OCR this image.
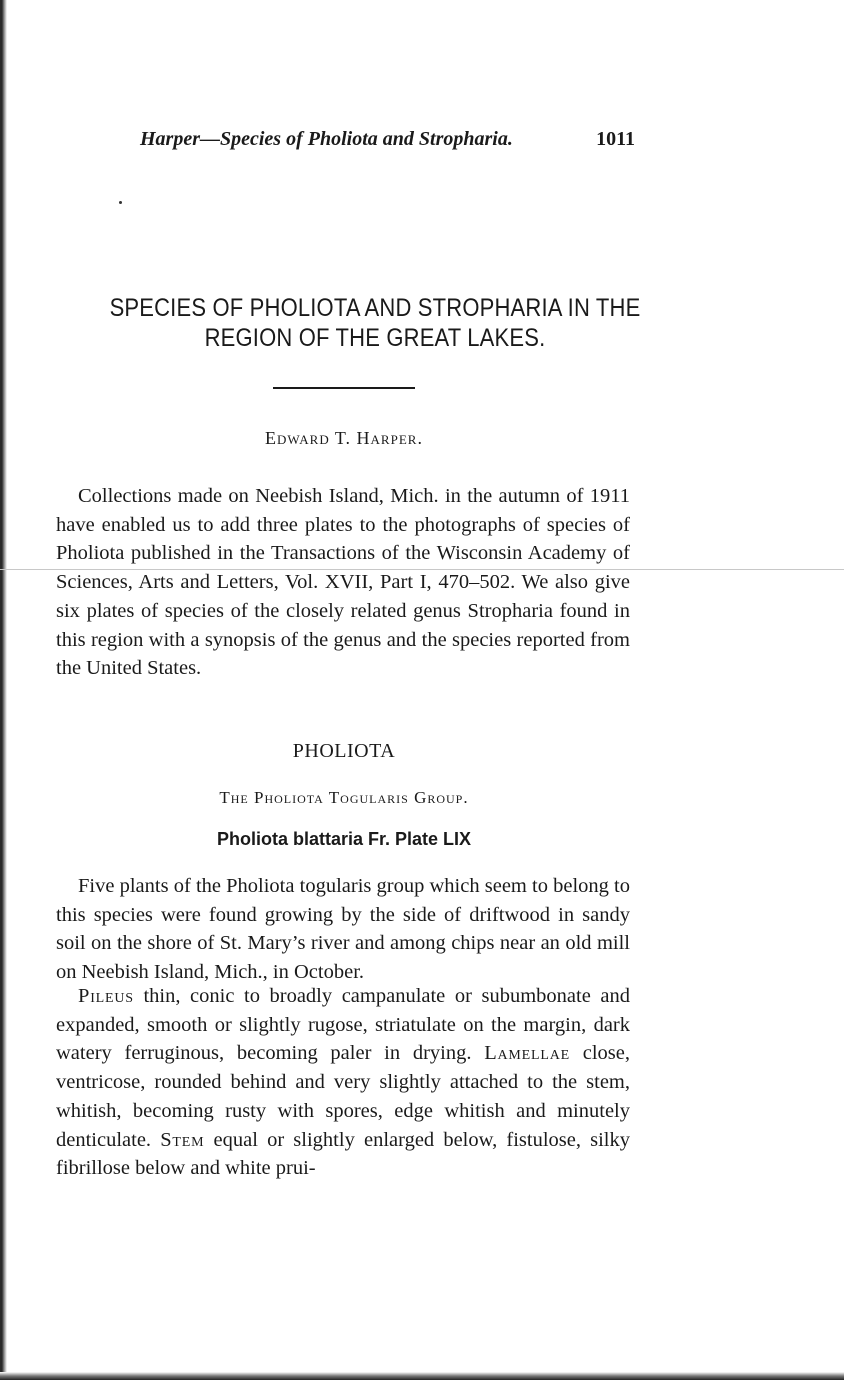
Harper—Species of Pholiota and Stropharia.	1011
SPECIES OF PHOLIOTA AND STROPHARIA IN THE
REGION OF THE GREAT LAKES.
Edward T. Harper.

Collections made on Neebish Island, Mich. in the autumn of 1911 have enabled us to add three plates to the photographs of species of Pholiota published in the Transactions of the Wisconsin Academy of Sciences, Arts and Letters, Vol. XVII, Part I, 470–502. We also give six plates of species of the closely related genus Stropharia found in this region with a synopsis of the genus and the species reported from the United States.

PHOLIOTA
The Pholiota Togularis Group.
Pholiota blattaria Fr. Plate LIX

Five plants of the Pholiota togularis group which seem to belong to this species were found growing by the side of driftwood in sandy soil on the shore of St. Mary’s river and among chips near an old mill on Neebish Island, Mich., in October.

Pileus thin, conic to broadly campanulate or subumbonate and expanded, smooth or slightly rugose, striatulate on the margin, dark watery ferruginous, becoming paler in drying. Lamellae close, ventricose, rounded behind and very slightly attached to the stem, whitish, becoming rusty with spores, edge whitish and minutely denticulate. Stem equal or slightly enlarged below, fistulose, silky fibrillose below and white prui-
